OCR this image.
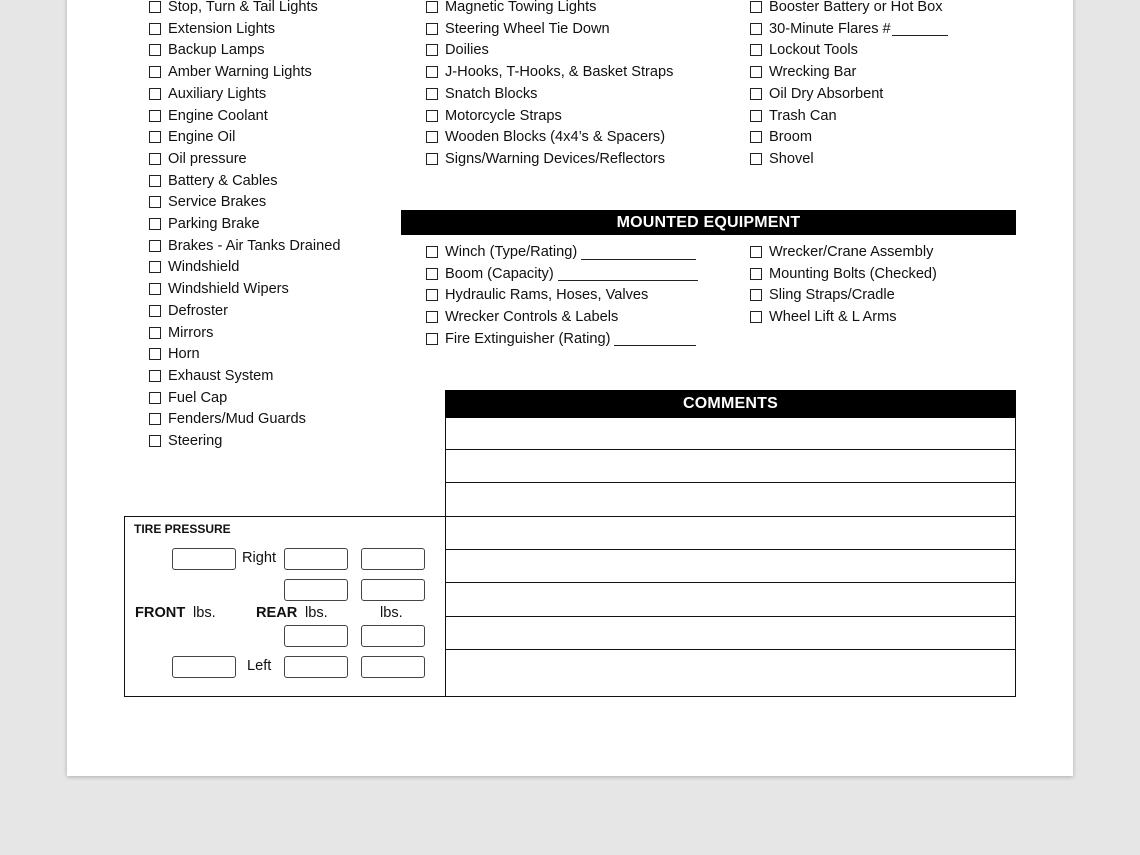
Stop, Turn & Tail Lights
Extension Lights
Backup Lamps
Amber Warning Lights
Auxiliary Lights
Engine Coolant
Engine Oil
Oil pressure
Battery & Cables
Service Brakes
Parking Brake
Brakes - Air Tanks Drained
Windshield
Windshield Wipers
Defroster
Mirrors
Horn
Exhaust System
Fuel Cap
Fenders/Mud Guards
Steering
Magnetic Towing Lights
Steering Wheel Tie Down
Doilies
J-Hooks, T-Hooks, & Basket Straps
Snatch Blocks
Motorcycle Straps
Wooden Blocks (4x4’s & Spacers)
Signs/Warning Devices/Reflectors
Booster Battery or Hot Box
30-Minute Flares #
Lockout Tools
Wrecking Bar
Oil Dry Absorbent
Trash Can
Broom
Shovel
MOUNTED EQUIPMENT
Winch (Type/Rating)
Boom (Capacity)
Hydraulic Rams, Hoses, Valves
Wrecker Controls & Labels
Fire Extinguisher (Rating)
Wrecker/Crane Assembly
Mounting Bolts (Checked)
Sling Straps/Cradle
Wheel Lift & L Arms
COMMENTS
TIRE PRESSURE
Right
FRONT lbs.	REAR lbs.	lbs.
Left
